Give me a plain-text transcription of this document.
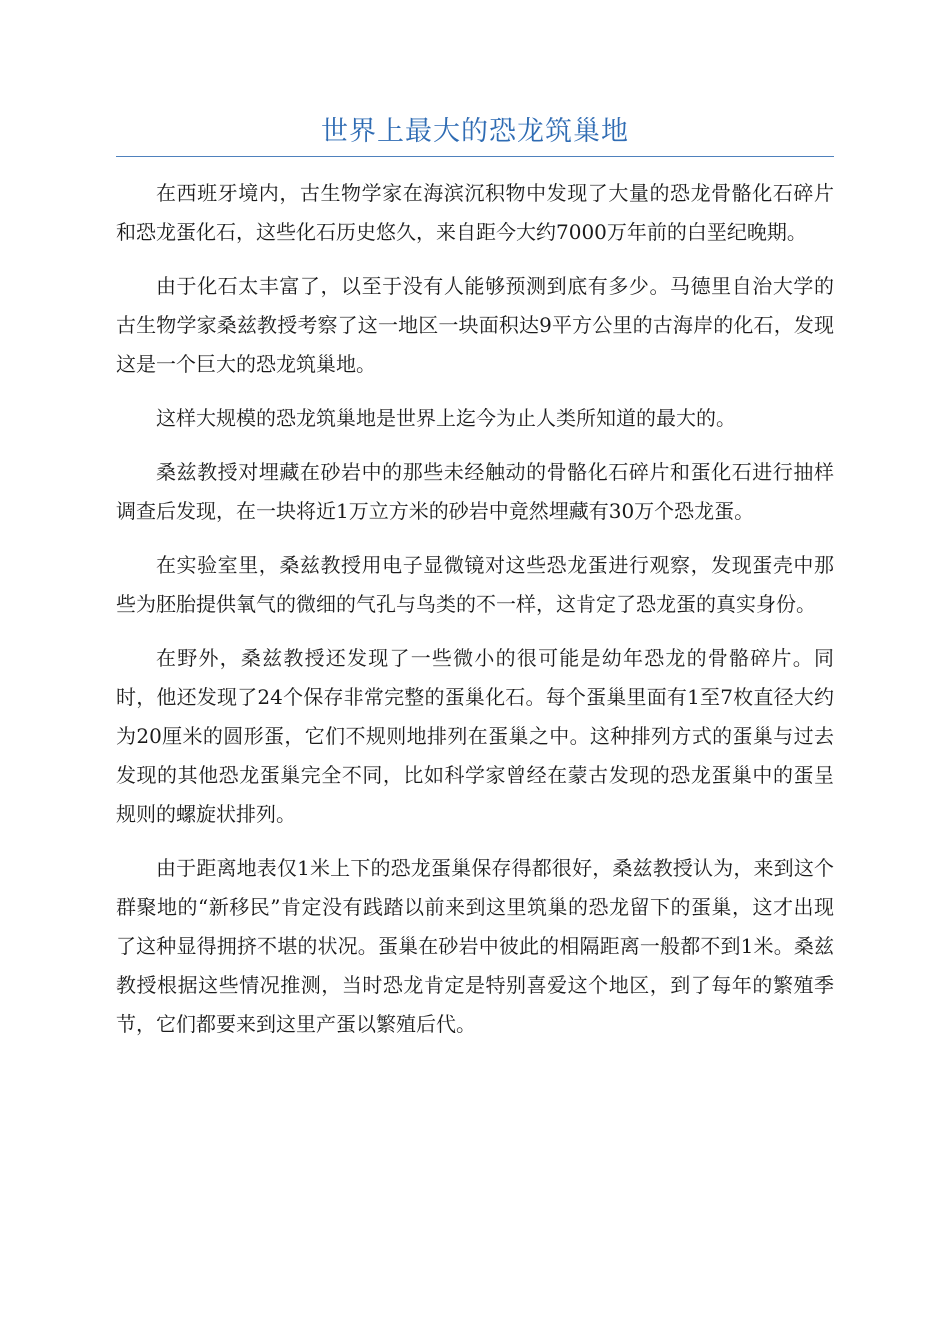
世界上最大的恐龙筑巢地

在西班牙境内，古生物学家在海滨沉积物中发现了大量的恐龙骨骼化石碎片和恐龙蛋化石，这些化石历史悠久，来自距今大约7000万年前的白垩纪晚期。

由于化石太丰富了，以至于没有人能够预测到底有多少。马德里自治大学的古生物学家桑兹教授考察了这一地区一块面积达9平方公里的古海岸的化石，发现这是一个巨大的恐龙筑巢地。

这样大规模的恐龙筑巢地是世界上迄今为止人类所知道的最大的。

桑兹教授对埋藏在砂岩中的那些未经触动的骨骼化石碎片和蛋化石进行抽样调查后发现，在一块将近1万立方米的砂岩中竟然埋藏有30万个恐龙蛋。

在实验室里，桑兹教授用电子显微镜对这些恐龙蛋进行观察，发现蛋壳中那些为胚胎提供氧气的微细的气孔与鸟类的不一样，这肯定了恐龙蛋的真实身份。

在野外，桑兹教授还发现了一些微小的很可能是幼年恐龙的骨骼碎片。同时，他还发现了24个保存非常完整的蛋巢化石。每个蛋巢里面有1至7枚直径大约为20厘米的圆形蛋，它们不规则地排列在蛋巢之中。这种排列方式的蛋巢与过去发现的其他恐龙蛋巢完全不同，比如科学家曾经在蒙古发现的恐龙蛋巢中的蛋呈规则的螺旋状排列。

由于距离地表仅1米上下的恐龙蛋巢保存得都很好，桑兹教授认为，来到这个群聚地的“新移民”肯定没有践踏以前来到这里筑巢的恐龙留下的蛋巢，这才出现了这种显得拥挤不堪的状况。蛋巢在砂岩中彼此的相隔距离一般都不到1米。桑兹教授根据这些情况推测，当时恐龙肯定是特别喜爱这个地区，到了每年的繁殖季节，它们都要来到这里产蛋以繁殖后代。
